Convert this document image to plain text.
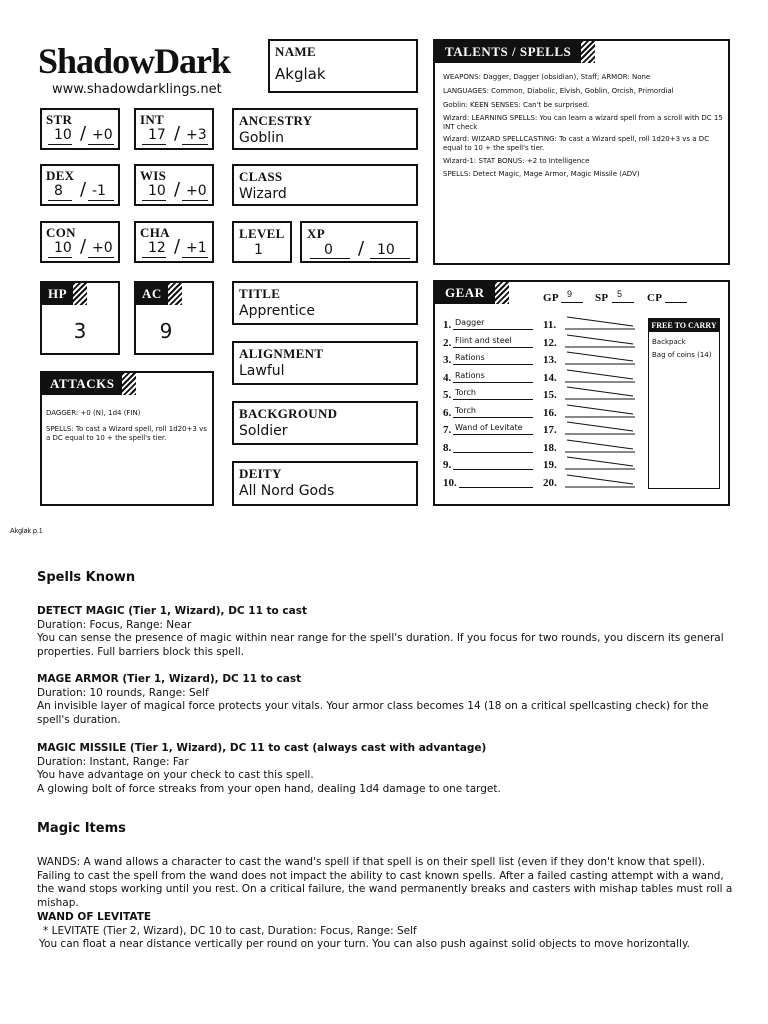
ShadowDark
www.shadowdarklings.net
NAME
Akglak
STR
10 / +0
INT
17 / +3
DEX
8 / -1
WIS
10 / +0
CON
10 / +0
CHA
12 / +1
HP
3
AC
9
ATTACKS
DAGGER: +0 (N), 1d4 (FIN)
SPELLS: To cast a Wizard spell, roll 1d20+3 vs a DC equal to 10 + the spell's tier.
ANCESTRY
Goblin
CLASS
Wizard
LEVEL
1
XP
0 / 10
TITLE
Apprentice
ALIGNMENT
Lawful
BACKGROUND
Soldier
DEITY
All Nord Gods
TALENTS / SPELLS
WEAPONS: Dagger, Dagger (obsidian), Staff; ARMOR: None
LANGUAGES: Common, Diabolic, Elvish, Goblin, Orcish, Primordial
Goblin: KEEN SENSES: Can't be surprised.
Wizard: LEARNING SPELLS: You can learn a wizard spell from a scroll with DC 15 INT check
Wizard: WIZARD SPELLCASTING: To cast a Wizard spell, roll 1d20+3 vs a DC equal to 10 + the spell's tier.
Wizard-1: STAT BONUS: +2 to Intelligence
SPELLS: Detect Magic, Mage Armor, Magic Missile (ADV)
GEAR	GP 9 SP 5 CP
1. Dagger
2. Flint and steel
3. Rations
4. Rations
5. Torch
6. Torch
7. Wand of Levitate
8.
9.
10.
11.
12.
13.
14.
15.
16.
17.
18.
19.
20.
FREE TO CARRY
Backpack
Bag of coins (14)
Akglak p.1
Spells Known
DETECT MAGIC (Tier 1, Wizard), DC 11 to cast
Duration: Focus, Range: Near
You can sense the presence of magic within near range for the spell's duration. If you focus for two rounds, you discern its general properties. Full barriers block this spell.
MAGE ARMOR (Tier 1, Wizard), DC 11 to cast
Duration: 10 rounds, Range: Self
An invisible layer of magical force protects your vitals. Your armor class becomes 14 (18 on a critical spellcasting check) for the spell's duration.
MAGIC MISSILE (Tier 1, Wizard), DC 11 to cast (always cast with advantage)
Duration: Instant, Range: Far
You have advantage on your check to cast this spell.
A glowing bolt of force streaks from your open hand, dealing 1d4 damage to one target.
Magic Items
WANDS: A wand allows a character to cast the wand's spell if that spell is on their spell list (even if they don't know that spell). Failing to cast the spell from the wand does not impact the ability to cast known spells. After a failed casting attempt with a wand, the wand stops working until you rest. On a critical failure, the wand permanently breaks and casters with mishap tables must roll a mishap.
WAND OF LEVITATE
* LEVITATE (Tier 2, Wizard), DC 10 to cast, Duration: Focus, Range: Self
You can float a near distance vertically per round on your turn. You can also push against solid objects to move horizontally.
